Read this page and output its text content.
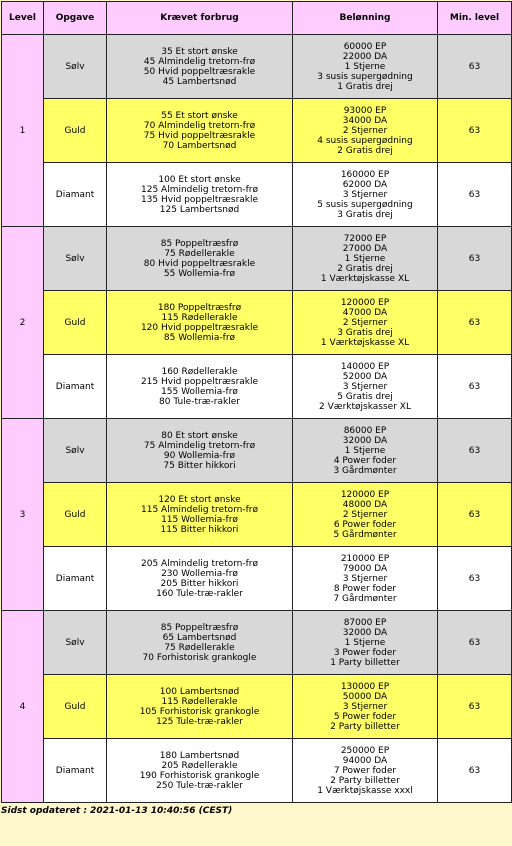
Level	Opgave	Krævet forbrug	Belønning	Min. level
1	Sølv	35 Et stort ønske
45 Almindelig tretorn-frø
50 Hvid poppeltræsrakle
45 Lambertsnød	60000 EP
22000 DA
1 Stjerne
3 susis supergødning
1 Gratis drej	63
	Guld	55 Et stort ønske
70 Almindelig tretorn-frø
75 Hvid poppeltræsrakle
70 Lambertsnød	93000 EP
34000 DA
2 Stjerner
4 susis supergødning
2 Gratis drej	63
	Diamant	100 Et stort ønske
125 Almindelig tretorn-frø
135 Hvid poppeltræsrakle
125 Lambertsnød	160000 EP
62000 DA
3 Stjerner
5 susis supergødning
3 Gratis drej	63
2	Sølv	85 Poppeltræsfrø
75 Rødellerakle
80 Hvid poppeltræsrakle
55 Wollemia-frø	72000 EP
27000 DA
1 Stjerne
2 Gratis drej
1 Værktøjskasse XL	63
	Guld	180 Poppeltræsfrø
115 Rødellerakle
120 Hvid poppeltræsrakle
85 Wollemia-frø	120000 EP
47000 DA
2 Stjerner
3 Gratis drej
1 Værktøjskasse XL	63
	Diamant	160 Rødellerakle
215 Hvid poppeltræsrakle
155 Wollemia-frø
80 Tule-træ-rakler	140000 EP
52000 DA
3 Stjerner
5 Gratis drej
2 Værktøjskasser XL	63
3	Sølv	80 Et stort ønske
75 Almindelig tretorn-frø
90 Wollemia-frø
75 Bitter hikkori	86000 EP
32000 DA
1 Stjerne
4 Power foder
3 Gårdmønter	63
	Guld	120 Et stort ønske
115 Almindelig tretorn-frø
115 Wollemia-frø
115 Bitter hikkori	120000 EP
48000 DA
2 Stjerner
6 Power foder
5 Gårdmønter	63
	Diamant	205 Almindelig tretorn-frø
230 Wollemia-frø
205 Bitter hikkori
160 Tule-træ-rakler	210000 EP
79000 DA
3 Stjerner
8 Power foder
7 Gårdmønter	63
4	Sølv	85 Poppeltræsfrø
65 Lambertsnød
75 Rødellerakle
70 Forhistorisk grankogle	87000 EP
32000 DA
1 Stjerne
3 Power foder
1 Party billetter	63
	Guld	100 Lambertsnød
115 Rødellerakle
105 Forhistorisk grankogle
125 Tule-træ-rakler	130000 EP
50000 DA
3 Stjerner
5 Power foder
2 Party billetter	63
	Diamant	180 Lambertsnød
205 Rødellerakle
190 Forhistorisk grankogle
250 Tule-træ-rakler	250000 EP
94000 DA
7 Power foder
2 Party billetter
1 Værktøjskasse xxxl	63
Sidst opdateret : 2021-01-13 10:40:56 (CEST)
